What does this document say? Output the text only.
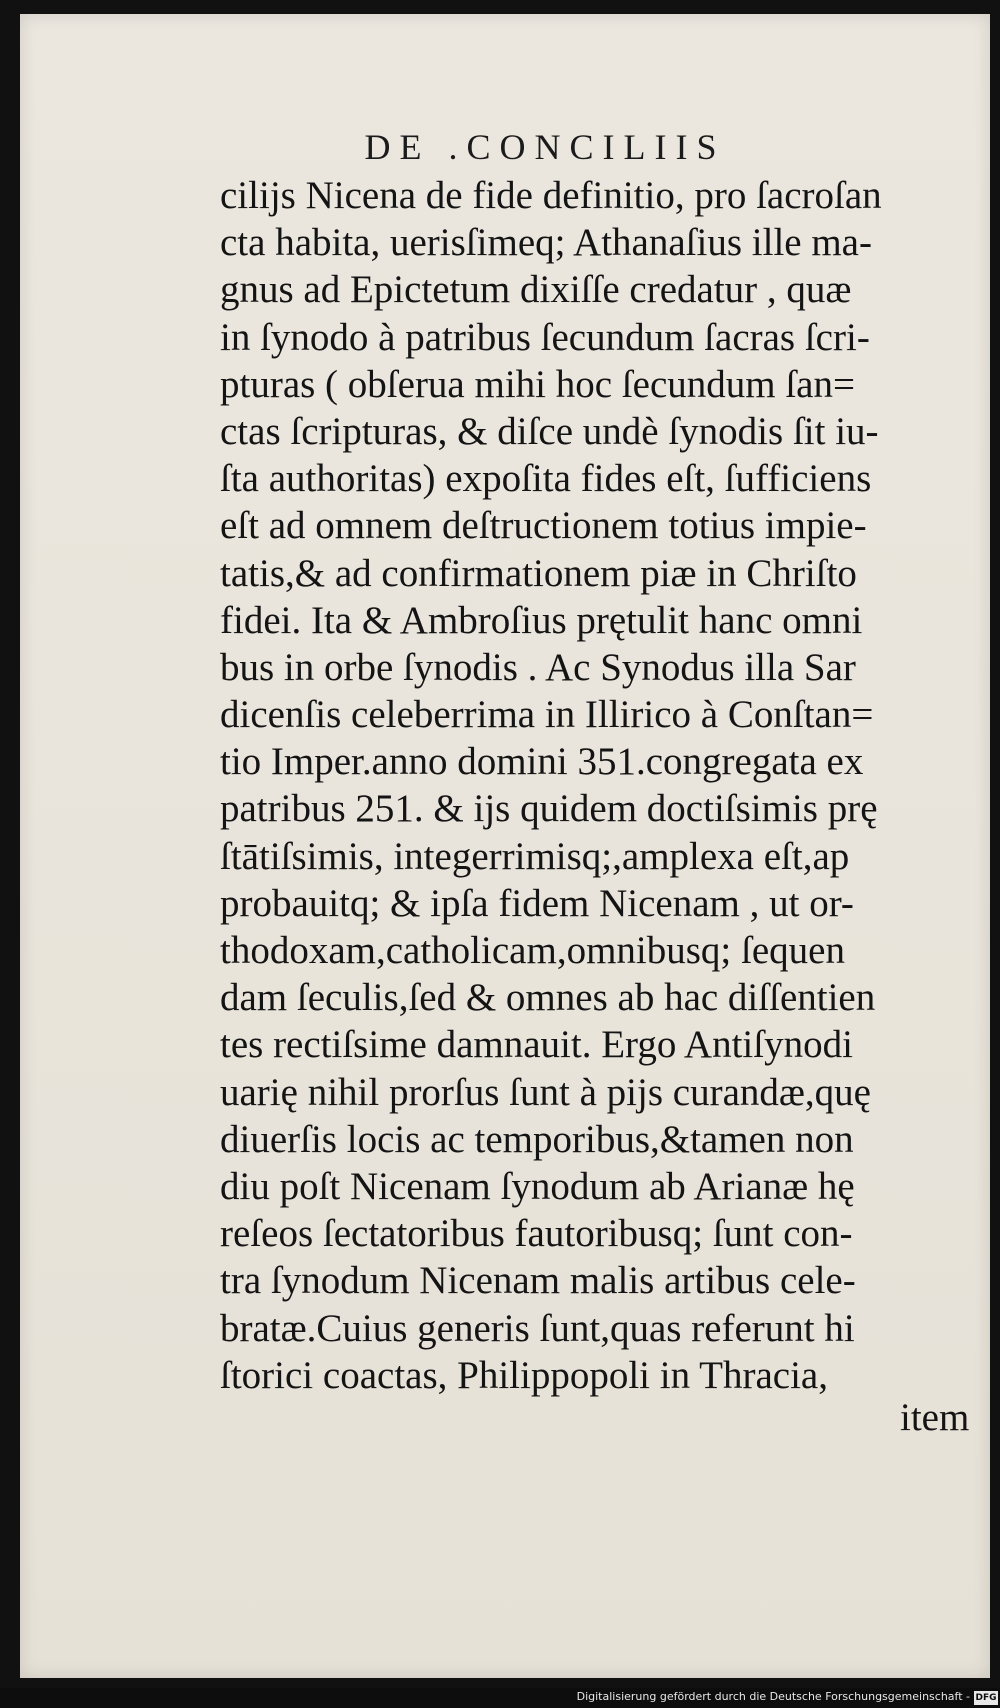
DE .CONCILIIS
ciliјs Nicena de fide definitio, pro ſacroſan
cta habita, uerisſimeq; Athanaſius ille ma-
gnus ad Epictetum dixiſſe credatur , quæ
in ſynodo à patribus ſecundum ſacras ſcri-
pturas ( obſerua mihi hoc ſecundum ſan=
ctas ſcripturas, & diſce undè ſynodis ſit iu-
ſta authoritas) expoſita fides eſt, ſufficiens
eſt ad omnem deſtructionem totius impie-
tatis,& ad confirmationem piæ in Chriſto
fidei. Ita & Ambroſius prętulit hanc omni
bus in orbe ſynodis . Ac Synodus illa Sar
dicenſis celeberrima in Illirico à Conſtan=
tio Imper.anno domini 351.congregata ex
patribus 251. & ijs quidem doctiſsimis prę
ſtātiſsimis, integerrimisq;,amplexa eſt,ap
probauitq; & ipſa fidem Nicenam , ut or-
thodoxam,catholicam,omnibusq; ſequen
dam ſeculis,ſed & omnes ab hac diſſentien
tes rectiſsime damnauit. Ergo Antiſynodi
uarię nihil prorſus ſunt à pijs curandæ,quę
diuerſis locis ac temporibus,&tamen non
diu poſt Nicenam ſynodum ab Arianæ hę
reſeos ſectatoribus fautoribusq; ſunt con-
tra ſynodum Nicenam malis artibus cele-
bratæ.Cuius generis ſunt,quas referunt hi
ſtorici coactas, Philippopoli in Thracia,
item
Digitalisierung gefördert durch die Deutsche Forschungsgemeinschaft - DFG
